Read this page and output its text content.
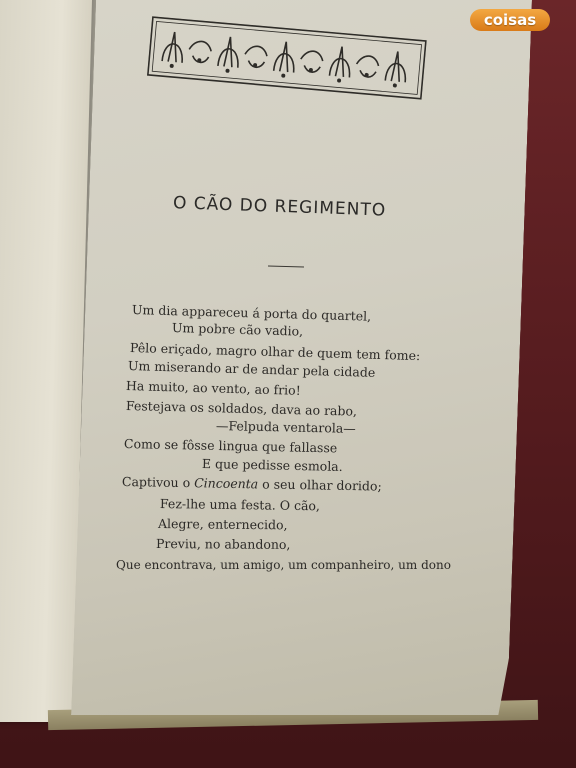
coisas
O CÃO DO REGIMENTO
Um dia appareceu á porta do quartel,
Um pobre cão vadio,
Pêlo eriçado, magro olhar de quem tem fome:
Um miserando ar de andar pela cidade
Ha muito, ao vento, ao frio!
Festejava os soldados, dava ao rabo,
—Felpuda ventarola—
Como se fôsse lingua que fallasse
E que pedisse esmola.
Captivou o Cincoenta o seu olhar dorido;
Fez-lhe uma festa. O cão,
Alegre, enternecido,
Previu, no abandono,
Que encontrava, um amigo, um companheiro, um dono
